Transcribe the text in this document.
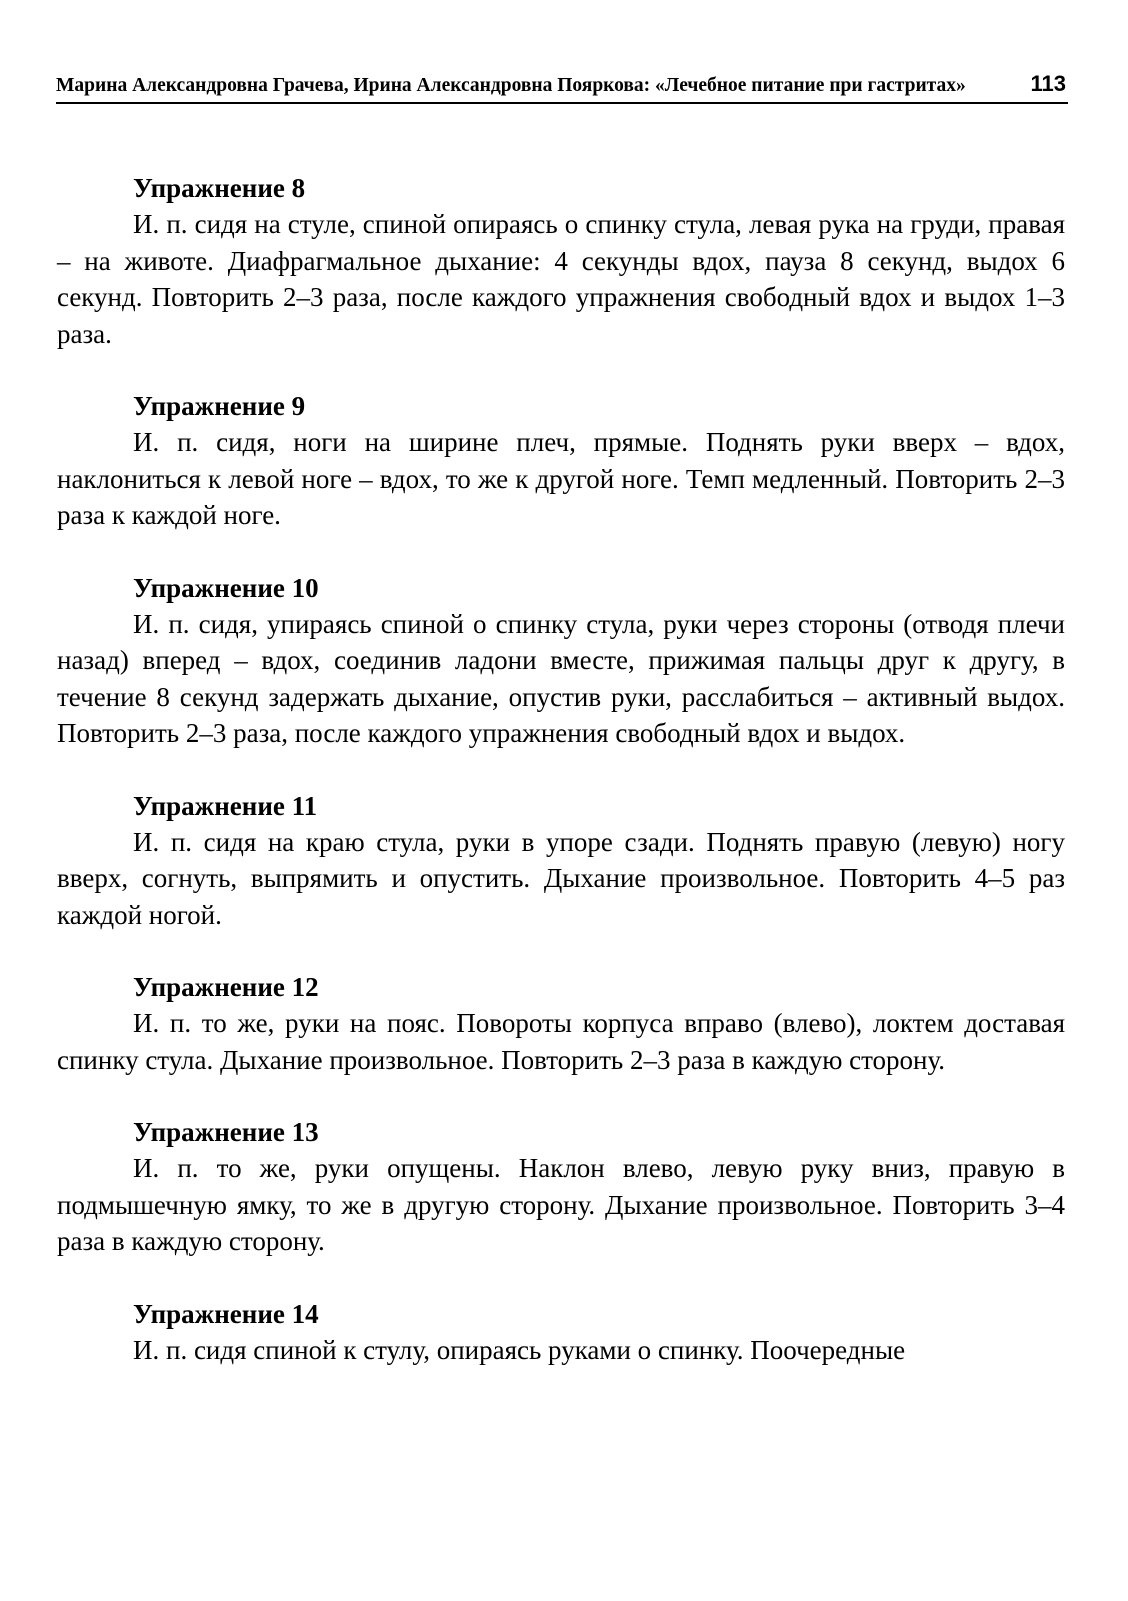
Марина Александровна Грачева, Ирина Александровна Пояркова: «Лечебное питание при гастритах»	113
Упражнение 8

И. п. сидя на стуле, спиной опираясь о спинку стула, левая рука на груди, правая – на животе. Диафрагмальное дыхание: 4 секунды вдох, пауза 8 секунд, выдох 6 секунд. Повторить 2–3 раза, после каждого упражнения свободный вдох и выдох 1–3 раза.

Упражнение 9

И. п. сидя, ноги на ширине плеч, прямые. Поднять руки вверх – вдох, наклониться к левой ноге – вдох, то же к другой ноге. Темп медленный. Повторить 2–3 раза к каждой ноге.

Упражнение 10

И. п. сидя, упираясь спиной о спинку стула, руки через стороны (отводя плечи назад) вперед – вдох, соединив ладони вместе, прижимая пальцы друг к другу, в течение 8 секунд задержать дыхание, опустив руки, расслабиться – активный выдох. Повторить 2–3 раза, после каждого упражнения свободный вдох и выдох.

Упражнение 11

И. п. сидя на краю стула, руки в упоре сзади. Поднять правую (левую) ногу вверх, согнуть, выпрямить и опустить. Дыхание произвольное. Повторить 4–5 раз каждой ногой.

Упражнение 12

И. п. то же, руки на пояс. Повороты корпуса вправо (влево), локтем доставая спинку стула. Дыхание произвольное. Повторить 2–3 раза в каждую сторону.

Упражнение 13

И. п. то же, руки опущены. Наклон влево, левую руку вниз, правую в подмышечную ямку, то же в другую сторону. Дыхание произвольное. Повторить 3–4 раза в каждую сторону.

Упражнение 14

И. п. сидя спиной к стулу, опираясь руками о спинку. Поочередные
